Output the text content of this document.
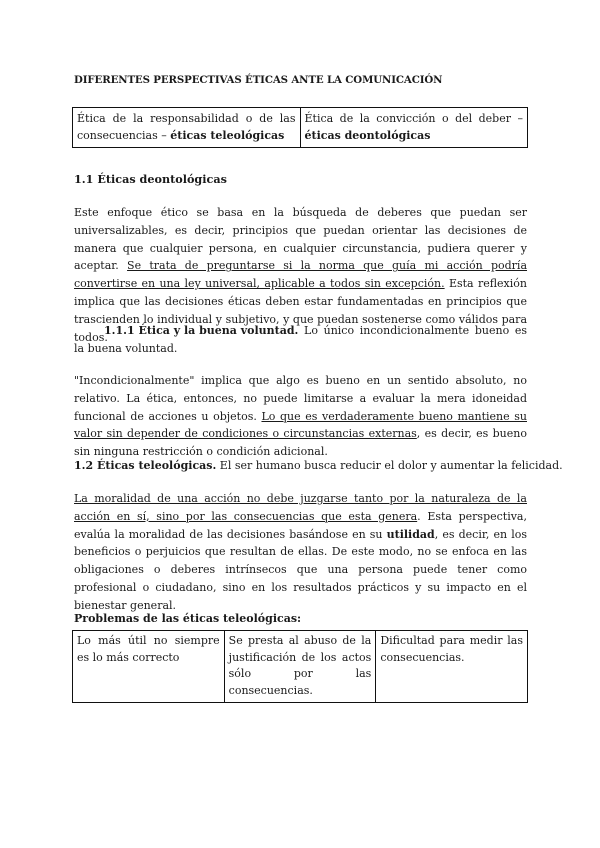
DIFERENTES PERSPECTIVAS ÉTICAS ANTE LA COMUNICACIÓN
Ética de la responsabilidad o de las consecuencias – éticas teleológicas	Ética de la convicción o del deber – éticas deontológicas
1.1 Éticas deontológicas

Este enfoque ético se basa en la búsqueda de deberes que puedan ser universalizables, es decir, principios que puedan orientar las decisiones de manera que cualquier persona, en cualquier circunstancia, pudiera querer y aceptar. Se trata de preguntarse si la norma que guía mi acción podría convertirse en una ley universal, aplicable a todos sin excepción. Esta reflexión implica que las decisiones éticas deben estar fundamentadas en principios que trascienden lo individual y subjetivo, y que puedan sostenerse como válidos para todos.

1.1.1 Ética y la buena voluntad. Lo único incondicionalmente bueno es la buena voluntad.

"Incondicionalmente" implica que algo es bueno en un sentido absoluto, no relativo. La ética, entonces, no puede limitarse a evaluar la mera idoneidad funcional de acciones u objetos. Lo que es verdaderamente bueno mantiene su valor sin depender de condiciones o circunstancias externas, es decir, es bueno sin ninguna restricción o condición adicional.

1.2 Éticas teleológicas. El ser humano busca reducir el dolor y aumentar la felicidad.

La moralidad de una acción no debe juzgarse tanto por la naturaleza de la acción en sí, sino por las consecuencias que esta genera. Esta perspectiva, evalúa la moralidad de las decisiones basándose en su utilidad, es decir, en los beneficios o perjuicios que resultan de ellas. De este modo, no se enfoca en las obligaciones o deberes intrínsecos que una persona puede tener como profesional o ciudadano, sino en los resultados prácticos y su impacto en el bienestar general.

Problemas de las éticas teleológicas:
Lo más útil no siempre es lo más correcto	Se presta al abuso de la justificación de los actos sólo por las consecuencias.	Dificultad para medir las consecuencias.
